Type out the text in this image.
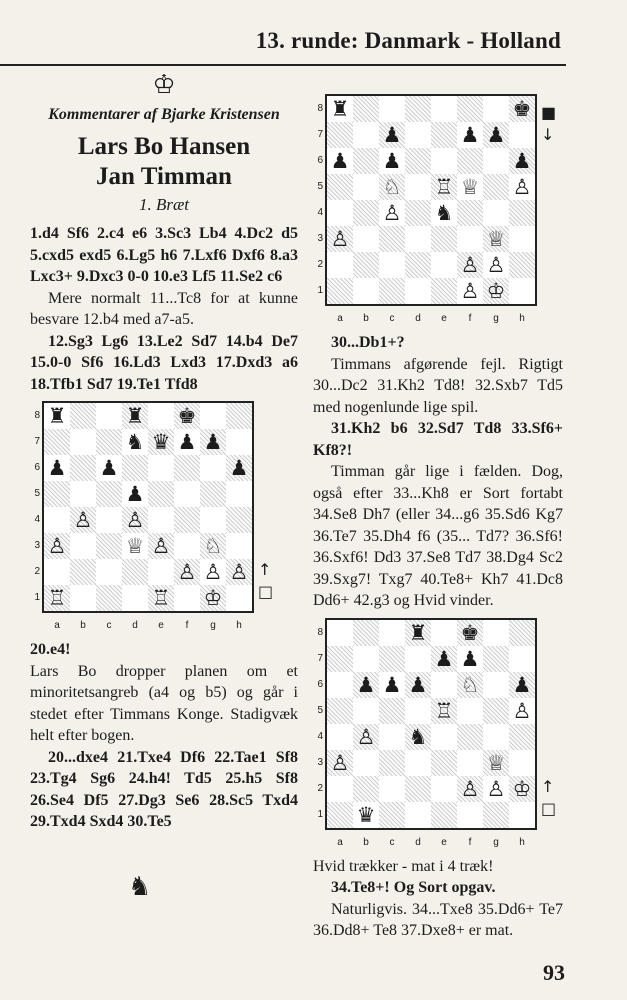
13. runde: Danmark - Holland
♔
Kommentarer af Bjarke Kristensen
Lars Bo Hansen
Jan Timman
1. Bræt

1.d4 Sf6 2.c4 e6 3.Sc3 Lb4 4.Dc2 d5 5.cxd5 exd5 6.Lg5 h6 7.Lxf6 Dxf6 8.a3 Lxc3+ 9.Dxc3 0-0 10.e3 Lf5 11.Se2 c6

Mere normalt 11...Tc8 for at kunne besvare 12.b4 med a7-a5.

12.Sg3 Lg6 13.Le2 Sd7 14.b4 De7 15.0-0 Sf6 16.Ld3 Lxd3 17.Dxd3 a6 18.Tfb1 Sd7 19.Te1 Tfd8

♜	♜ ♚
♞ ♛ ♟ ♟
♟ ♟	♟
♟
♙ ♙
♙	♕ ♙ ♘
♙ ♙ ♙
♖	♖ ♔
8
7
6
5
4
3
2
1
a	b	c	d	e	f	g	h
↑
□

20.e4!

Lars Bo dropper planen om et minoritetsangreb (a4 og b5) og går i stedet efter Timmans Konge. Stadigvæk helt efter bogen.

20...dxe4 21.Txe4 Df6 22.Tae1 Sf8 23.Tg4 Sg6 24.h4! Td5 25.h5 Sf8 26.Se4 Df5 27.Dg3 Se6 28.Sc5 Txd4 29.Txd4 Sxd4 30.Te5

♞
♜	♚
♟	♟ ♟
♟ ♟	♟
♘ ♖ ♕ ♙
♙ ♞
♙	♕
♙ ♙
♙ ♔
8
7
6
5
4
3
2
1
a	b	c	d	e	f	g	h
■
↓

30...Db1+?

Timmans afgørende fejl. Rigtigt 30...Dc2 31.Kh2 Td8! 32.Sxb7 Td5 med nogenlunde lige spil.

31.Kh2 b6 32.Sd7 Td8 33.Sf6+ Kf8?!

Timman går lige i fælden. Dog, også efter 33...Kh8 er Sort fortabt 34.Se8 Dh7 (eller 34...g6 35.Sd6 Kg7 36.Te7 35.Dh4 f6 (35... Td7? 36.Sf6! 36.Sxf6! Dd3 37.Se8 Td7 38.Dg4 Sc2 39.Sxg7! Txg7 40.Te8+ Kh7 41.Dc8 Dd6+ 42.g3 og Hvid vinder.

♜ ♚
♟ ♟
♟ ♟ ♟ ♘ ♟
♖	♙
♙ ♞
♙	♕
♙ ♙ ♔
♛
8
7
6
5
4
3
2
1
a	b	c	d	e	f	g	h
↑
□

Hvid trækker - mat i 4 træk!

34.Te8+! Og Sort opgav.

Naturligvis. 34...Txe8 35.Dd6+ Te7 36.Dd8+ Te8 37.Dxe8+ er mat.

93
